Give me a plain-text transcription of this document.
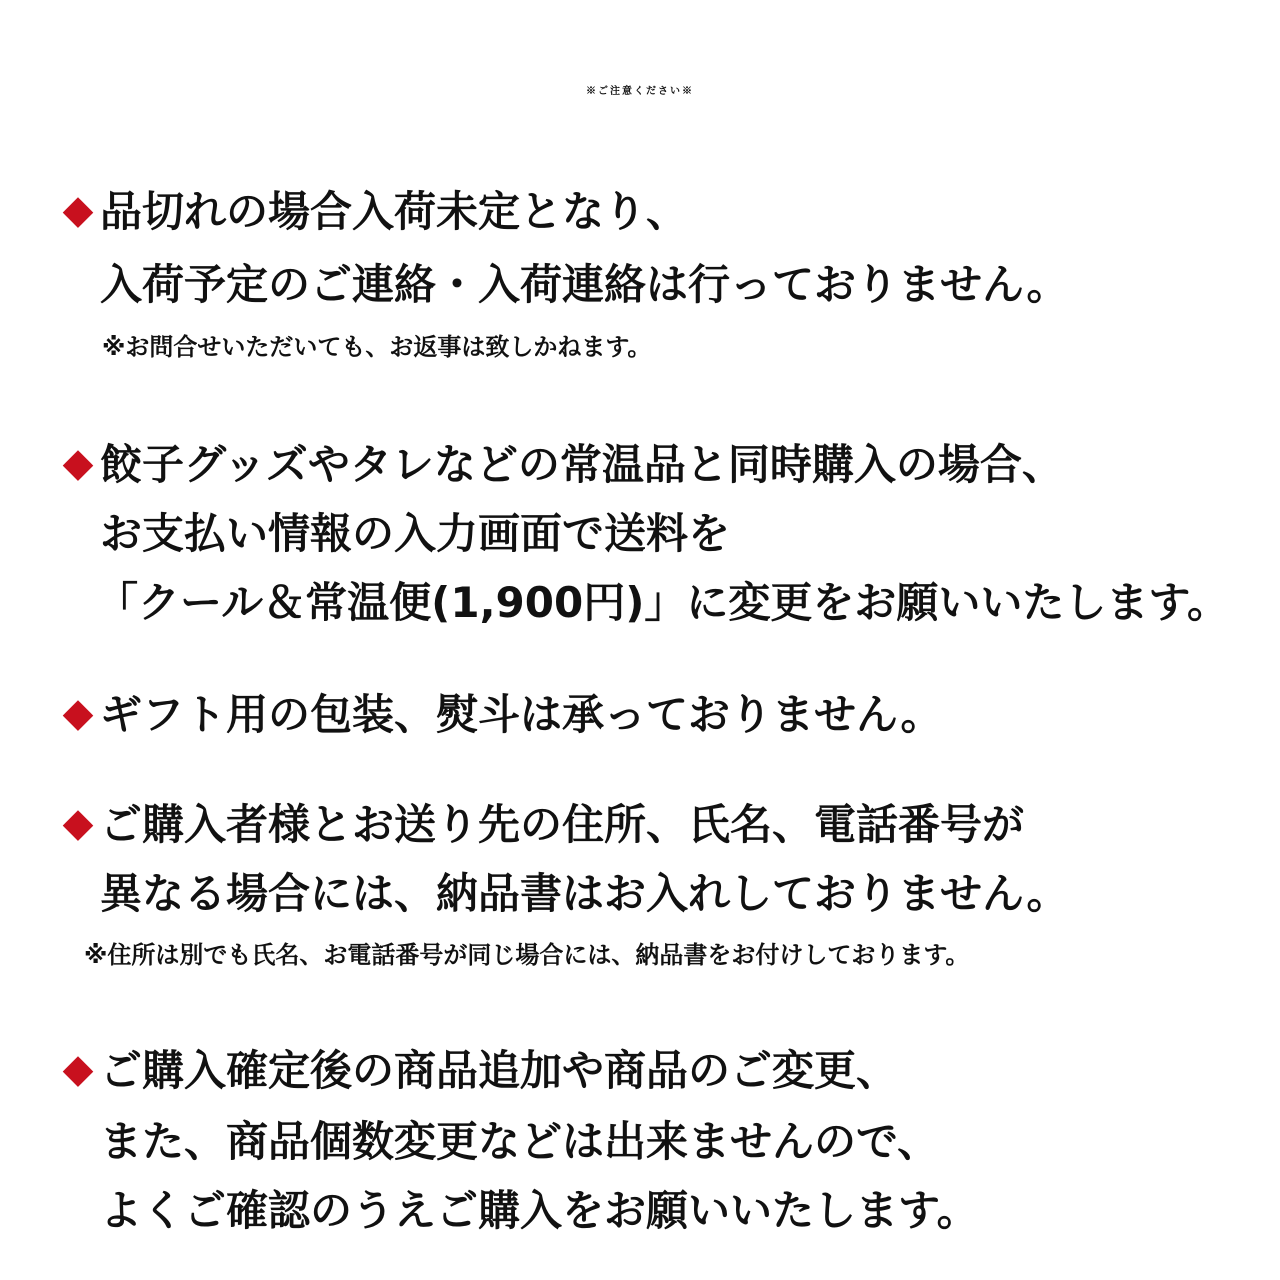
※ご注意ください※
◆ 品切れの場合入荷未定となり、

入荷予定のご連絡・入荷連絡は行っておりません。

※お問合せいただいても、お返事は致しかねます。

◆ 餃子グッズやタレなどの常温品と同時購入の場合、

お支払い情報の入力画面で送料を

「クール＆常温便(1,900円)」に変更をお願いいたします。

◆ ギフト用の包装、熨斗は承っておりません。

◆ ご購入者様とお送り先の住所、氏名、電話番号が

異なる場合には、納品書はお入れしておりません。

※住所は別でも氏名、お電話番号が同じ場合には、納品書をお付けしております。

◆ ご購入確定後の商品追加や商品のご変更、

また、商品個数変更などは出来ませんので、

よくご確認のうえご購入をお願いいたします。
